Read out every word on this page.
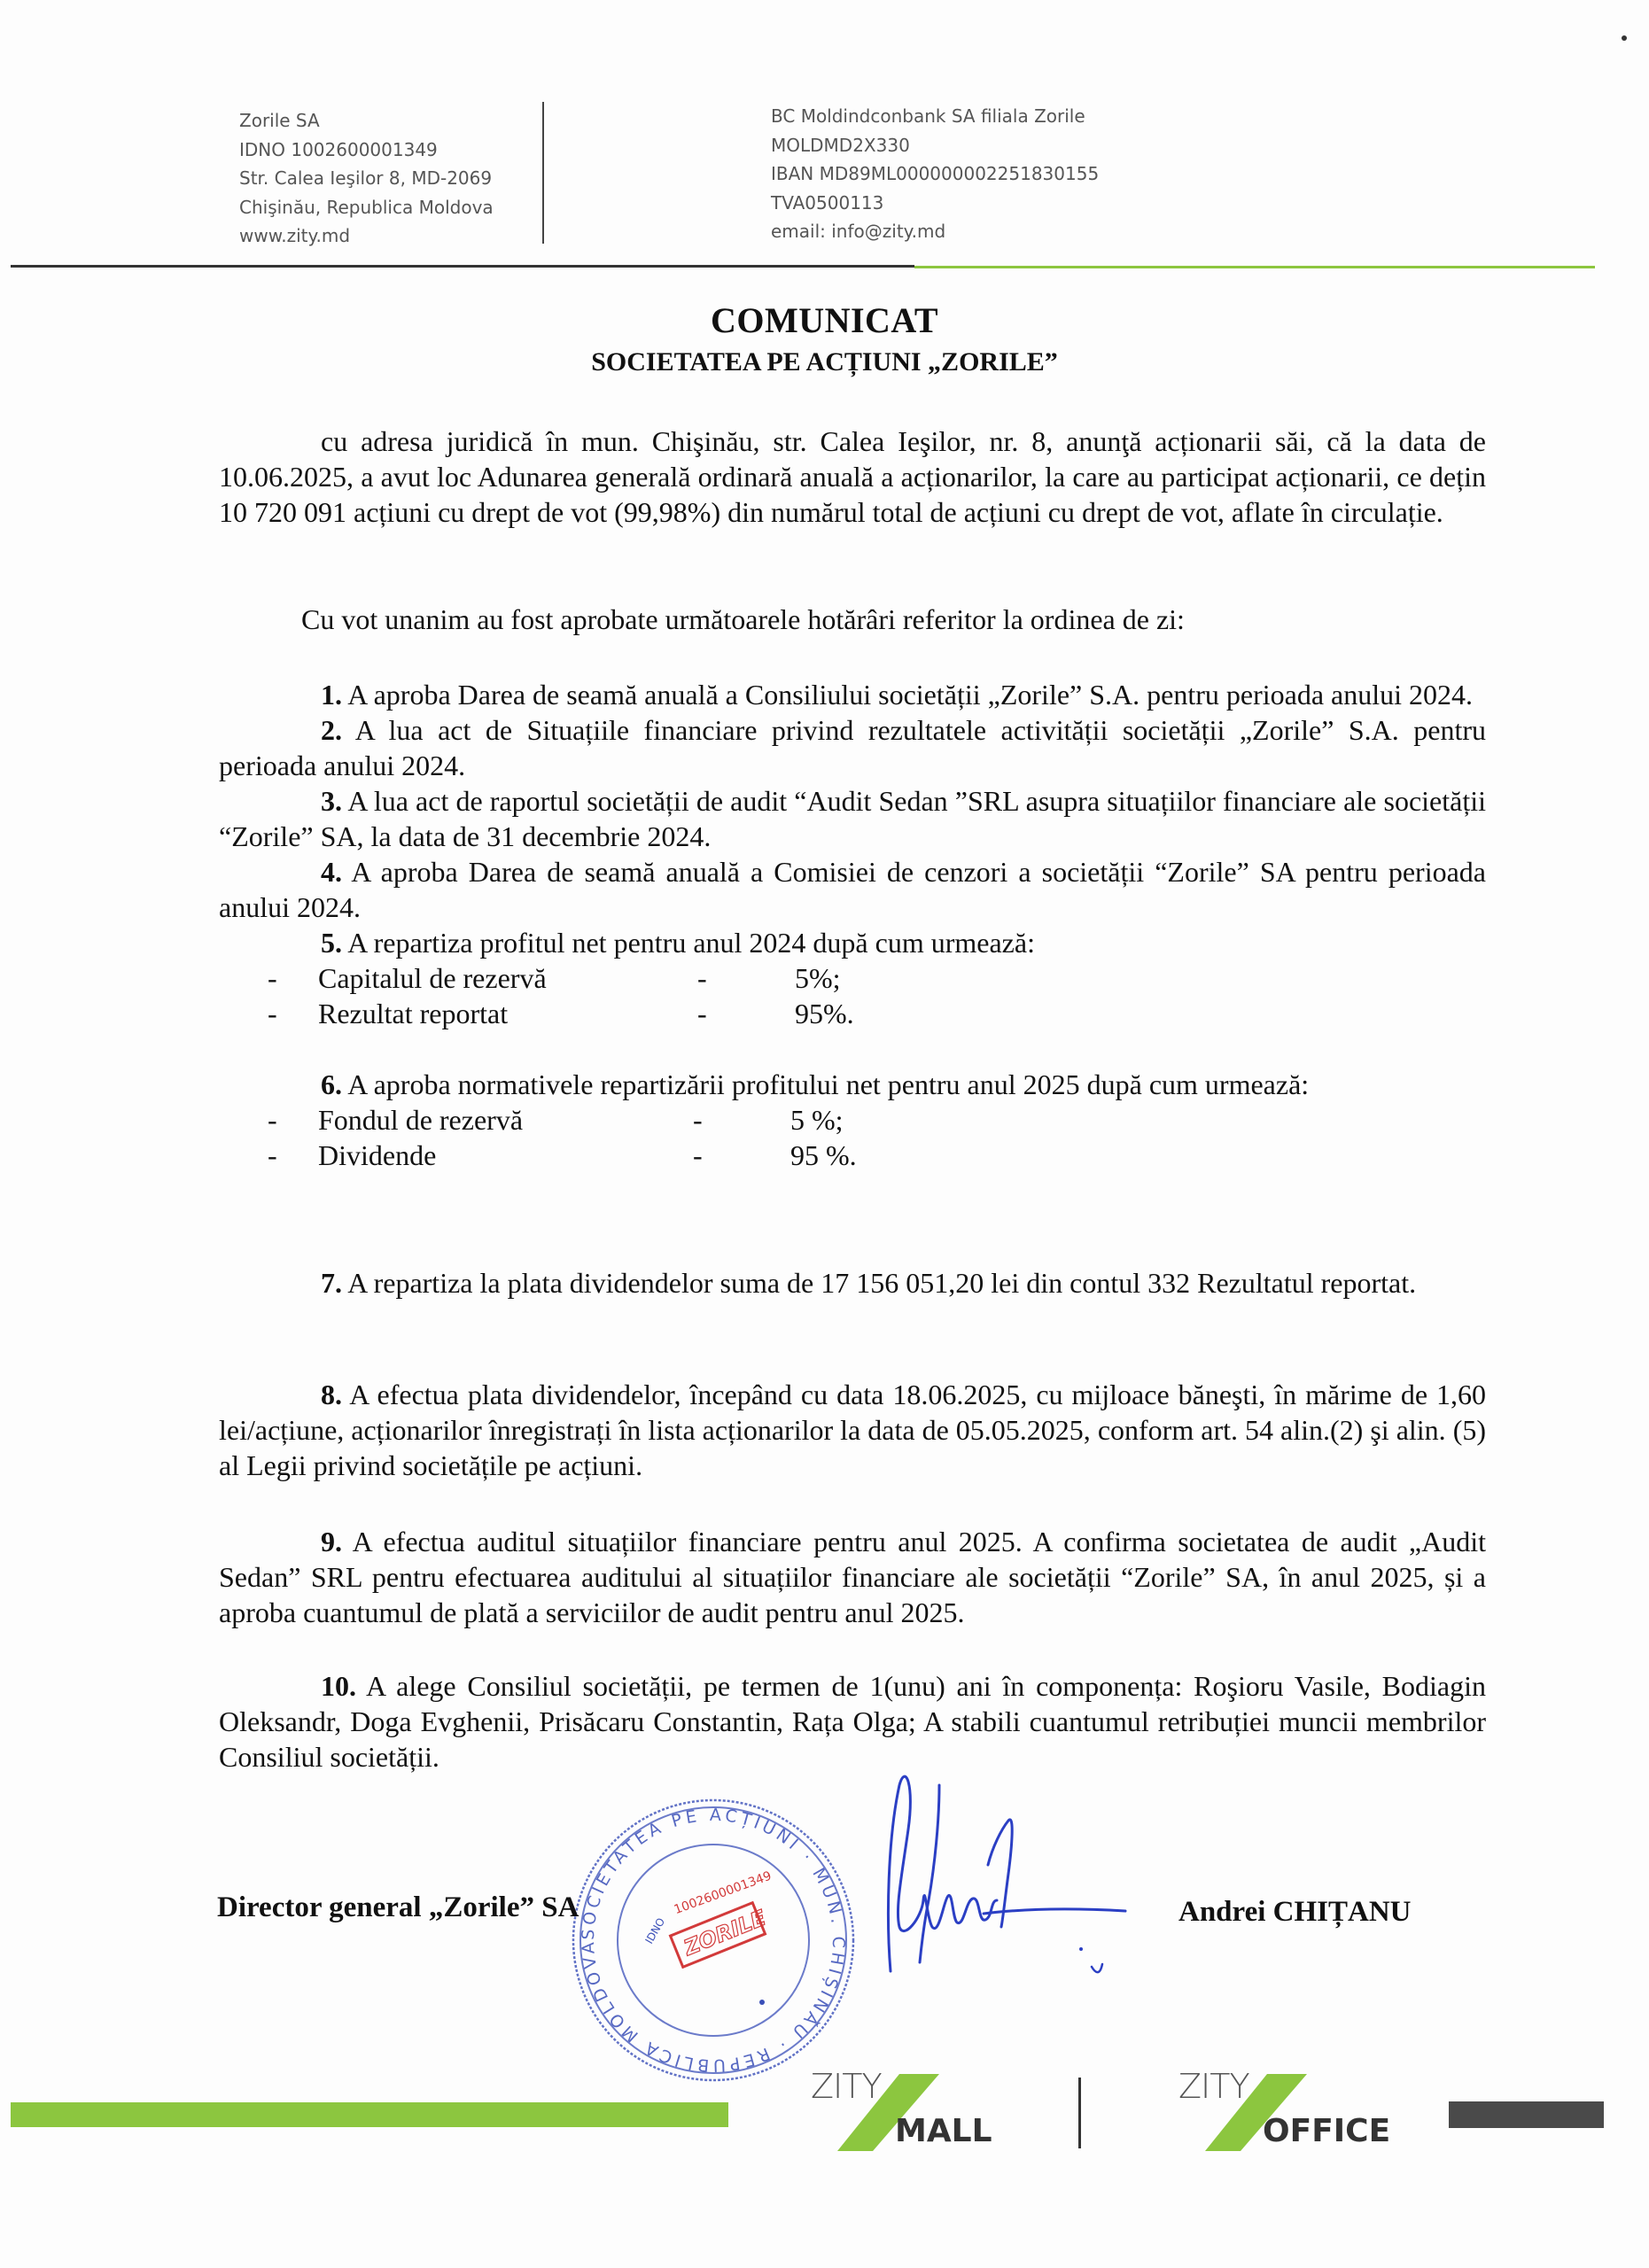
Zorile SA
IDNO 1002600001349
Str. Calea Ieşilor 8, MD-2069
Chişinău, Republica Moldova
www.zity.md
BC Moldindconbank SA filiala Zorile
MOLDMD2X330
IBAN MD89ML000000002251830155
TVA0500113
email: info@zity.md
COMUNICAT
SOCIETATEA PE ACȚIUNI „ZORILE”

cu adresa juridică în mun. Chişinău, str. Calea Ieşilor, nr. 8, anunţă acționarii săi, că la data de 10.06.2025, a avut loc Adunarea generală ordinară anuală a acționarilor, la care au participat acționarii, ce dețin 10 720 091 acțiuni cu drept de vot (99,98%) din numărul total de acțiuni cu drept de vot, aflate în circulație.

Cu vot unanim au fost aprobate următoarele hotărâri referitor la ordinea de zi:

1. A aproba Darea de seamă anuală a Consiliului societății „Zorile” S.A. pentru perioada anului 2024.

2. A lua act de Situațiile financiare privind rezultatele activității societății „Zorile” S.A. pentru perioada anului 2024.

3. A lua act de raportul societății de audit “Audit Sedan ”SRL asupra situațiilor financiare ale societății “Zorile” SA, la data de 31 decembrie 2024.

4. A aproba Darea de seamă anuală a Comisiei de cenzori a societății “Zorile” SA pentru perioada anului 2024.

5. A repartiza profitul net pentru anul 2024 după cum urmează:

- Capitalul de rezervă	-	5%;
- Rezultat reportat	-	95%.

6. A aproba normativele repartizării profitului net pentru anul 2025 după cum urmează:

- Fondul de rezervă	-	5 %;
- Dividende	-	95 %.

7. A repartiza la plata dividendelor suma de 17 156 051,20 lei din contul 332 Rezultatul reportat.

8. A efectua plata dividendelor, începând cu data 18.06.2025, cu mijloace băneşti, în mărime de 1,60 lei/acțiune, acționarilor înregistrați în lista acționarilor la data de 05.05.2025, conform art. 54 alin.(2) şi alin. (5) al Legii privind societățile pe acțiuni.

9. A efectua auditul situațiilor financiare pentru anul 2025. A confirma societatea de audit „Audit Sedan” SRL pentru efectuarea auditului al situațiilor financiare ale societății “Zorile” SA, în anul 2025, și a aproba cuantumul de plată a serviciilor de audit pentru anul 2025.

10. A alege Consiliul societății, pe termen de 1(unu) ani în componența: Roşioru Vasile, Bodiagin Oleksandr, Doga Evghenii, Prisăcaru Constantin, Rața Olga; A stabili cuantumul retribuției muncii membrilor Consiliul societății.

SOCIETATEA PE ACȚIUNI · MUN. CHIȘINĂU · REPUBLICA MOLDOVA
1002600001349
IDNO ZORILE
Director general „Zorile” SA	Andrei CHIȚANU
ZITY
MALL
ZITY
OFFICE
